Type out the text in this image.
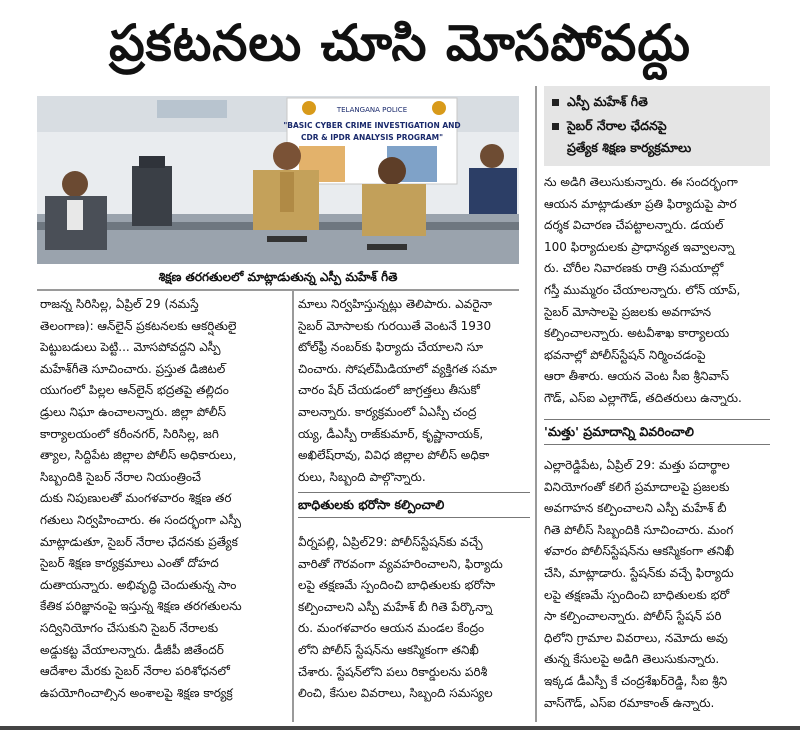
ప్రకటనలు చూసి మోసపోవద్దు
TELANGANA POLICE
"BASIC CYBER CRIME INVESTIGATION AND
CDR & IPDR ANALYSIS PROGRAM"
శిక్షణ తరగతులలో మాట్లాడుతున్న ఎస్పీ మహేశ్ గీతె
ఎస్పీ మహేశ్ గీతె
సైబర్ నేరాల ఛేదనపై
ప్రత్యేక శిక్షణ కార్యక్రమాలు
రాజన్న సిరిసిల్ల, ఏప్రిల్ 29 (నమస్తే
తెలంగాణ): ఆన్‌లైన్ ప్రకటనలకు ఆకర్షితులై
పెట్టుబడులు పెట్టి... మోసపోవద్దని ఎస్పీ
మహేశ్‌గీతె సూచించారు. ప్రస్తుత డిజిటల్
యుగంలో పిల్లల ఆన్‌లైన్ భద్రతపై తల్లిదం
డ్రులు నిఘా ఉంచాలన్నారు. జిల్లా పోలీస్
కార్యాలయంలో కరీంనగర్, సిరిసిల్ల, జగి
త్యాల, సిద్దిపేట జిల్లాల పోలీస్ అధికారులు,
సిబ్బందికి సైబర్ నేరాల నియంత్రించే
దుకు నిపుణులతో మంగళవారం శిక్షణ తర
గతులు నిర్వహించారు. ఈ సందర్భంగా ఎస్పీ
మాట్లాడుతూ, సైబర్ నేరాల ఛేదనకు ప్రత్యేక
సైబర్ శిక్షణ కార్యక్రమాలు ఎంతో దోహద
దుతాయన్నారు. అభివృద్ధి చెందుతున్న సాం
కేతిక పరిజ్ఞానంపై ఇస్తున్న శిక్షణ తరగతులను
సద్వినియోగం చేసుకుని సైబర్ నేరాలకు
అడ్డుకట్ట వేయాలన్నారు. డీజీపీ జితేందర్
ఆదేశాల మేరకు సైబర్ నేరాల పరిశోధనలో
ఉపయోగించాల్సిన అంశాలపై శిక్షణ కార్యక్ర
మాలు నిర్వహిస్తున్నట్లు తెలిపారు. ఎవరైనా
సైబర్ మోసాలకు గురయితే వెంటనే 1930
టోల్‌ఫ్రీ నంబర్‌కు ఫిర్యాదు చేయాలని సూ
చించారు. సోషల్‌మీడియాలో వ్యక్తిగత సమా
చారం షేర్ చేయడంలో జాగ్రత్తలు తీసుకో
వాలన్నారు. కార్యక్రమంలో ఏఎస్పీ చంద్ర
య్య, డీఎస్పీ రాజ్‌కుమార్, కృష్ణానాయక్,
అఖిలేష్‌రావు, వివిధ జిల్లాల పోలీస్ అధికా
రులు, సిబ్బంది పాల్గొన్నారు.
బాధితులకు భరోసా కల్పించాలి
వీర్నపల్లి, ఏప్రిల్29: పోలీస్‌స్టేషన్‌కు వచ్చే
వారితో గౌరవంగా వ్యవహరించాలని, ఫిర్యాదు
లపై తక్షణమే స్పందించి బాధితులకు భరోసా
కల్పించాలని ఎస్పీ మహేశ్ బీ గితె పేర్కొన్నా
రు. మంగళవారం ఆయన మండల కేంద్రం
లోని పోలీస్ స్టేషన్‌ను ఆకస్మికంగా తనిఖీ
చేశారు. స్టేషన్‌లోని పలు రికార్డులను పరిశీ
లించి, కేసుల వివరాలు, సిబ్బంది సమస్యల
ను అడిగి తెలుసుకున్నారు. ఈ సందర్భంగా
ఆయన మాట్లాడుతూ ప్రతి ఫిర్యాదుపై పార
దర్శక విచారణ చేపట్టాలన్నారు. డయల్
100 ఫిర్యాదులకు ప్రాధాన్యత ఇవ్వాలన్నా
రు. చోరీల నివారణకు రాత్రి సమయాల్లో
గస్తీ ముమ్మరం చేయాలన్నారు. లోన్ యాప్,
సైబర్ మోసాలపై ప్రజలకు అవగాహన
కల్పించాలన్నారు. అటవీశాఖ కార్యాలయ
భవనాల్లో పోలీస్‌స్టేషన్ నిర్మించడంపై
ఆరా తీశారు. ఆయన వెంట సీఐ శ్రీనివాస్
గౌడ్, ఎస్ఐ ఎల్లాగౌడ్, తదితరులు ఉన్నారు.
'మత్తు' ప్రమాదాన్ని వివరించాలి
ఎల్లారెడ్డిపేట, ఏప్రిల్ 29: మత్తు పదార్థాల
వినియోగంతో కలిగే ప్రమాదాలపై ప్రజలకు
అవగాహన కల్పించాలని ఎస్పీ మహేశ్ బీ
గితె పోలీస్ సిబ్బందికి సూచించారు. మంగ
ళవారం పోలీస్‌స్టేషన్‌ను ఆకస్మికంగా తనిఖీ
చేసి, మాట్లాడారు. స్టేషన్‌కు వచ్చే ఫిర్యాదు
లపై తక్షణమే స్పందించి బాధితులకు భరో
సా కల్పించాలన్నారు. పోలీస్ స్టేషన్ పరి
ధిలోని గ్రామాల వివరాలు, నమోదు అవు
తున్న కేసులపై అడిగి తెలుసుకున్నారు.
ఇక్కడ డీఎస్పీ కే చంద్రశేఖర్‌రెడ్డి, సీఐ శ్రీని
వాస్‌గౌడ్, ఎస్ఐ రమాకాంత్ ఉన్నారు.
